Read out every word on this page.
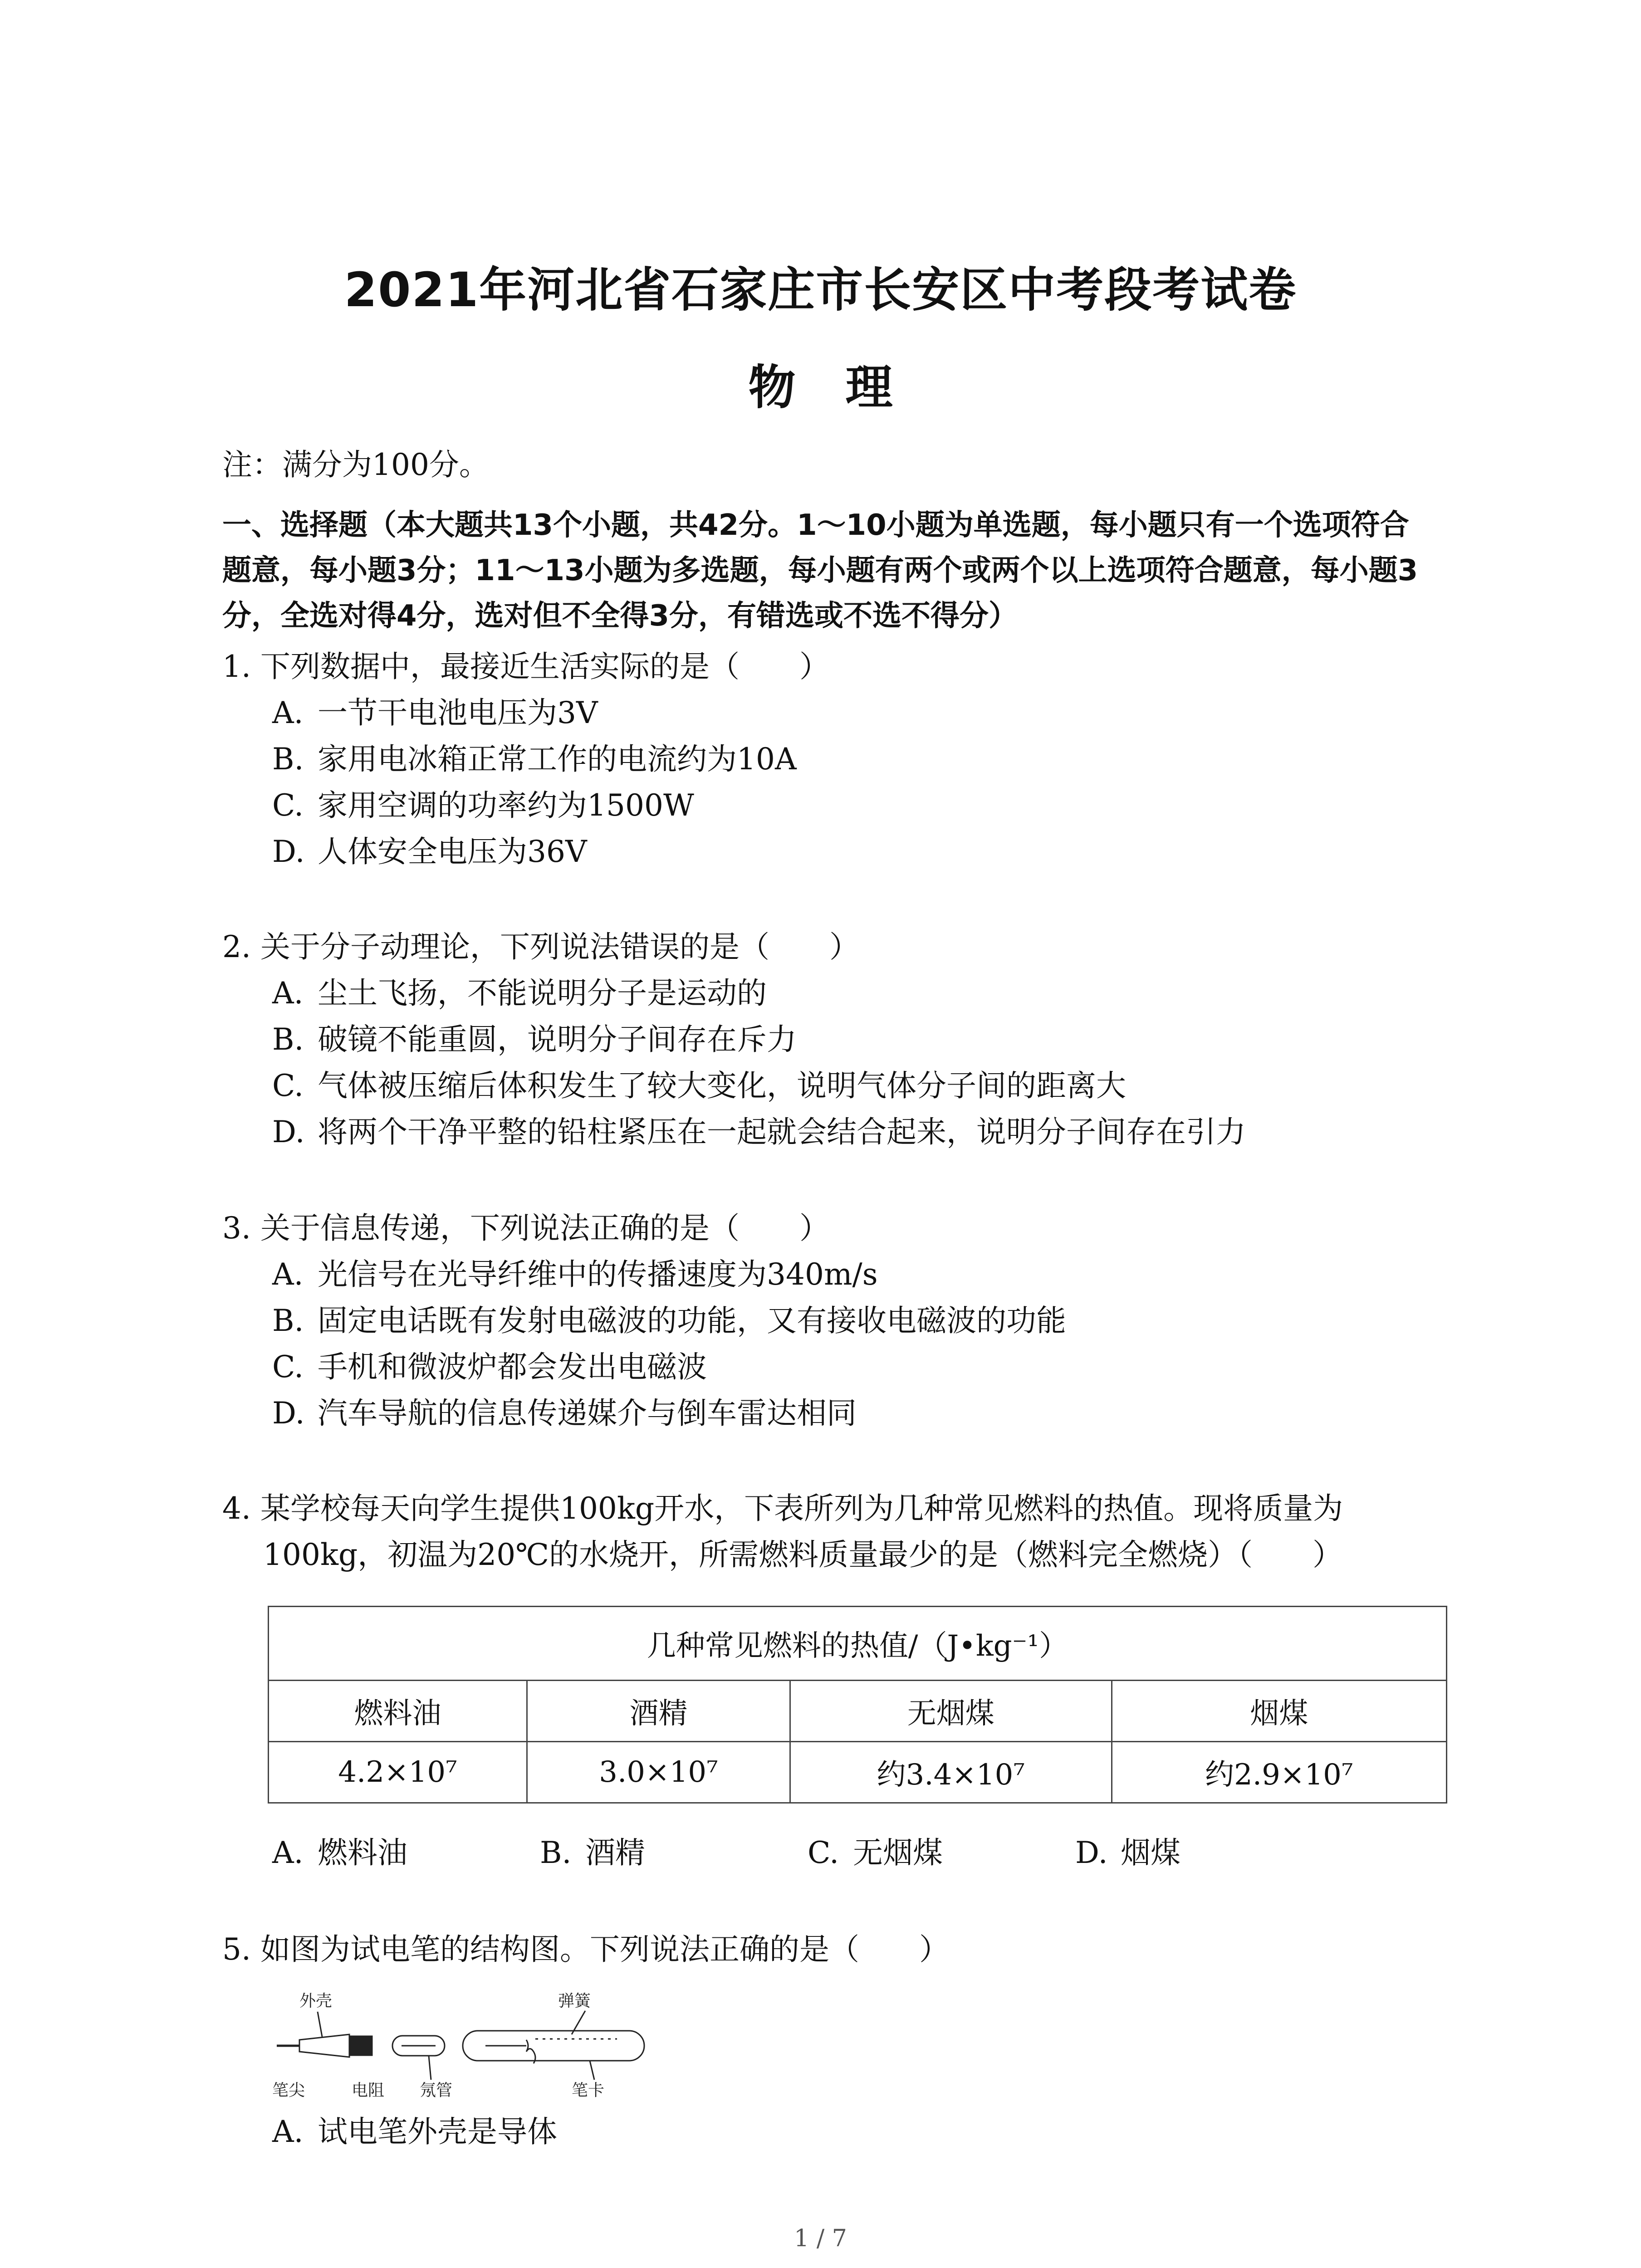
2021年河北省石家庄市长安区中考段考试卷
物理
注：满分为100分。
一、选择题（本大题共13个小题，共42分。1～10小题为单选题，每小题只有一个选项符合
题意，每小题3分；11～13小题为多选题，每小题有两个或两个以上选项符合题意，每小题3
分，全选对得4分，选对但不全得3分，有错选或不选不得分）
1. 下列数据中，最接近生活实际的是（　　）
A. 一节干电池电压为3V
B. 家用电冰箱正常工作的电流约为10A
C. 家用空调的功率约为1500W
D. 人体安全电压为36V
2. 关于分子动理论，下列说法错误的是（　　）
A. 尘土飞扬，不能说明分子是运动的
B. 破镜不能重圆，说明分子间存在斥力
C. 气体被压缩后体积发生了较大变化，说明气体分子间的距离大
D. 将两个干净平整的铅柱紧压在一起就会结合起来，说明分子间存在引力
3. 关于信息传递，下列说法正确的是（　　）
A. 光信号在光导纤维中的传播速度为340m/s
B. 固定电话既有发射电磁波的功能，又有接收电磁波的功能
C. 手机和微波炉都会发出电磁波
D. 汽车导航的信息传递媒介与倒车雷达相同
4. 某学校每天向学生提供100kg开水，下表所列为几种常见燃料的热值。现将质量为
100kg，初温为20℃的水烧开，所需燃料质量最少的是（燃料完全燃烧）（　　）
几种常见燃料的热值/（J•kg⁻¹）			
燃料油	酒精	无烟煤	烟煤
4.2×10⁷	3.0×10⁷	约3.4×10⁷	约2.9×10⁷
A. 燃料油	B. 酒精	C. 无烟煤	D. 烟煤
5. 如图为试电笔的结构图。下列说法正确的是（　　）
外壳	弹簧
笔尖	电阻 氖管	笔卡
A. 试电笔外壳是导体
1 / 7
